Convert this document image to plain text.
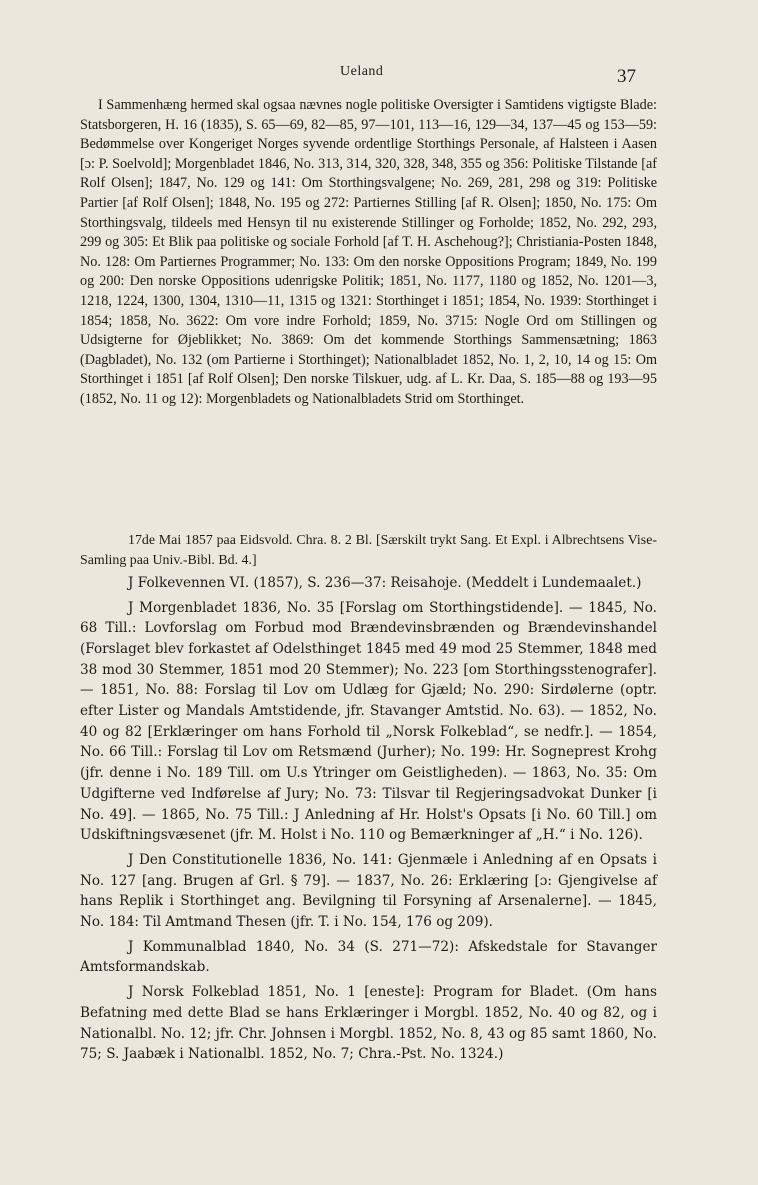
Ueland	37

I Sammenhæng hermed skal ogsaa nævnes nogle politiske Oversigter i Samtidens vigtigste Blade: Statsborgeren, H. 16 (1835), S. 65—69, 82—85, 97—101, 113—16, 129—34, 137—45 og 153—59: Bedømmelse over Kongeriget Norges syvende ordentlige Storthings Personale, af Halsteen i Aasen [ɔ: P. Soelvold]; Morgenbladet 1846, No. 313, 314, 320, 328, 348, 355 og 356: Politiske Tilstande [af Rolf Olsen]; 1847, No. 129 og 141: Om Storthingsvalgene; No. 269, 281, 298 og 319: Politiske Partier [af Rolf Olsen]; 1848, No. 195 og 272: Partiernes Stilling [af R. Olsen]; 1850, No. 175: Om Storthingsvalg, tildeels med Hensyn til nu existerende Stillinger og Forholde; 1852, No. 292, 293, 299 og 305: Et Blik paa politiske og sociale Forhold [af T. H. Aschehoug?]; Christiania-Posten 1848, No. 128: Om Partiernes Programmer; No. 133: Om den norske Oppositions Program; 1849, No. 199 og 200: Den norske Oppositions udenrigske Politik; 1851, No. 1177, 1180 og 1852, No. 1201—3, 1218, 1224, 1300, 1304, 1310—11, 1315 og 1321: Storthinget i 1851; 1854, No. 1939: Storthinget i 1854; 1858, No. 3622: Om vore indre Forhold; 1859, No. 3715: Nogle Ord om Stillingen og Udsigterne for Øjeblikket; No. 3869: Om det kommende Storthings Sammensætning; 1863 (Dagbladet), No. 132 (om Partierne i Storthinget); Nationalbladet 1852, No. 1, 2, 10, 14 og 15: Om Storthinget i 1851 [af Rolf Olsen]; Den norske Tilskuer, udg. af L. Kr. Daa, S. 185—88 og 193—95 (1852, No. 11 og 12): Morgenbladets og Nationalbladets Strid om Storthinget.

17de Mai 1857 paa Eidsvold. Chra. 8. 2 Bl. [Særskilt trykt Sang. Et Expl. i Albrechtsens Vise-Samling paa Univ.-Bibl. Bd. 4.]

J Folkevennen VI. (1857), S. 236—37: Reisahoje. (Meddelt i Lundemaalet.)

J Morgenbladet 1836, No. 35 [Forslag om Storthingstidende]. — 1845, No. 68 Till.: Lovforslag om Forbud mod Brændevinsbrænden og Brændevinshandel (Forslaget blev forkastet af Odelsthinget 1845 med 49 mod 25 Stemmer, 1848 med 38 mod 30 Stemmer, 1851 mod 20 Stemmer); No. 223 [om Storthingsstenografer]. — 1851, No. 88: Forslag til Lov om Udlæg for Gjæld; No. 290: Sirdølerne (optr. efter Lister og Mandals Amtstidende, jfr. Stavanger Amtstid. No. 63). — 1852, No. 40 og 82 [Erklæringer om hans Forhold til „Norsk Folkeblad“, se nedfr.]. — 1854, No. 66 Till.: Forslag til Lov om Retsmænd (Jurher); No. 199: Hr. Sogneprest Krohg (jfr. denne i No. 189 Till. om U.s Ytringer om Geistligheden). — 1863, No. 35: Om Udgifterne ved Indførelse af Jury; No. 73: Tilsvar til Regjeringsadvokat Dunker [i No. 49]. — 1865, No. 75 Till.: J Anledning af Hr. Holst's Opsats [i No. 60 Till.] om Udskiftningsvæsenet (jfr. M. Holst i No. 110 og Bemærkninger af „H.“ i No. 126).

J Den Constitutionelle 1836, No. 141: Gjenmæle i Anledning af en Opsats i No. 127 [ang. Brugen af Grl. § 79]. — 1837, No. 26: Erklæring [ɔ: Gjengivelse af hans Replik i Storthinget ang. Bevilgning til Forsyning af Arsenalerne]. — 1845, No. 184: Til Amtmand Thesen (jfr. T. i No. 154, 176 og 209).

J Kommunalblad 1840, No. 34 (S. 271—72): Afskedstale for Stavanger Amtsformandskab.

J Norsk Folkeblad 1851, No. 1 [eneste]: Program for Bladet. (Om hans Befatning med dette Blad se hans Erklæringer i Morgbl. 1852, No. 40 og 82, og i Nationalbl. No. 12; jfr. Chr. Johnsen i Morgbl. 1852, No. 8, 43 og 85 samt 1860, No. 75; S. Jaabæk i Nationalbl. 1852, No. 7; Chra.-Pst. No. 1324.)
